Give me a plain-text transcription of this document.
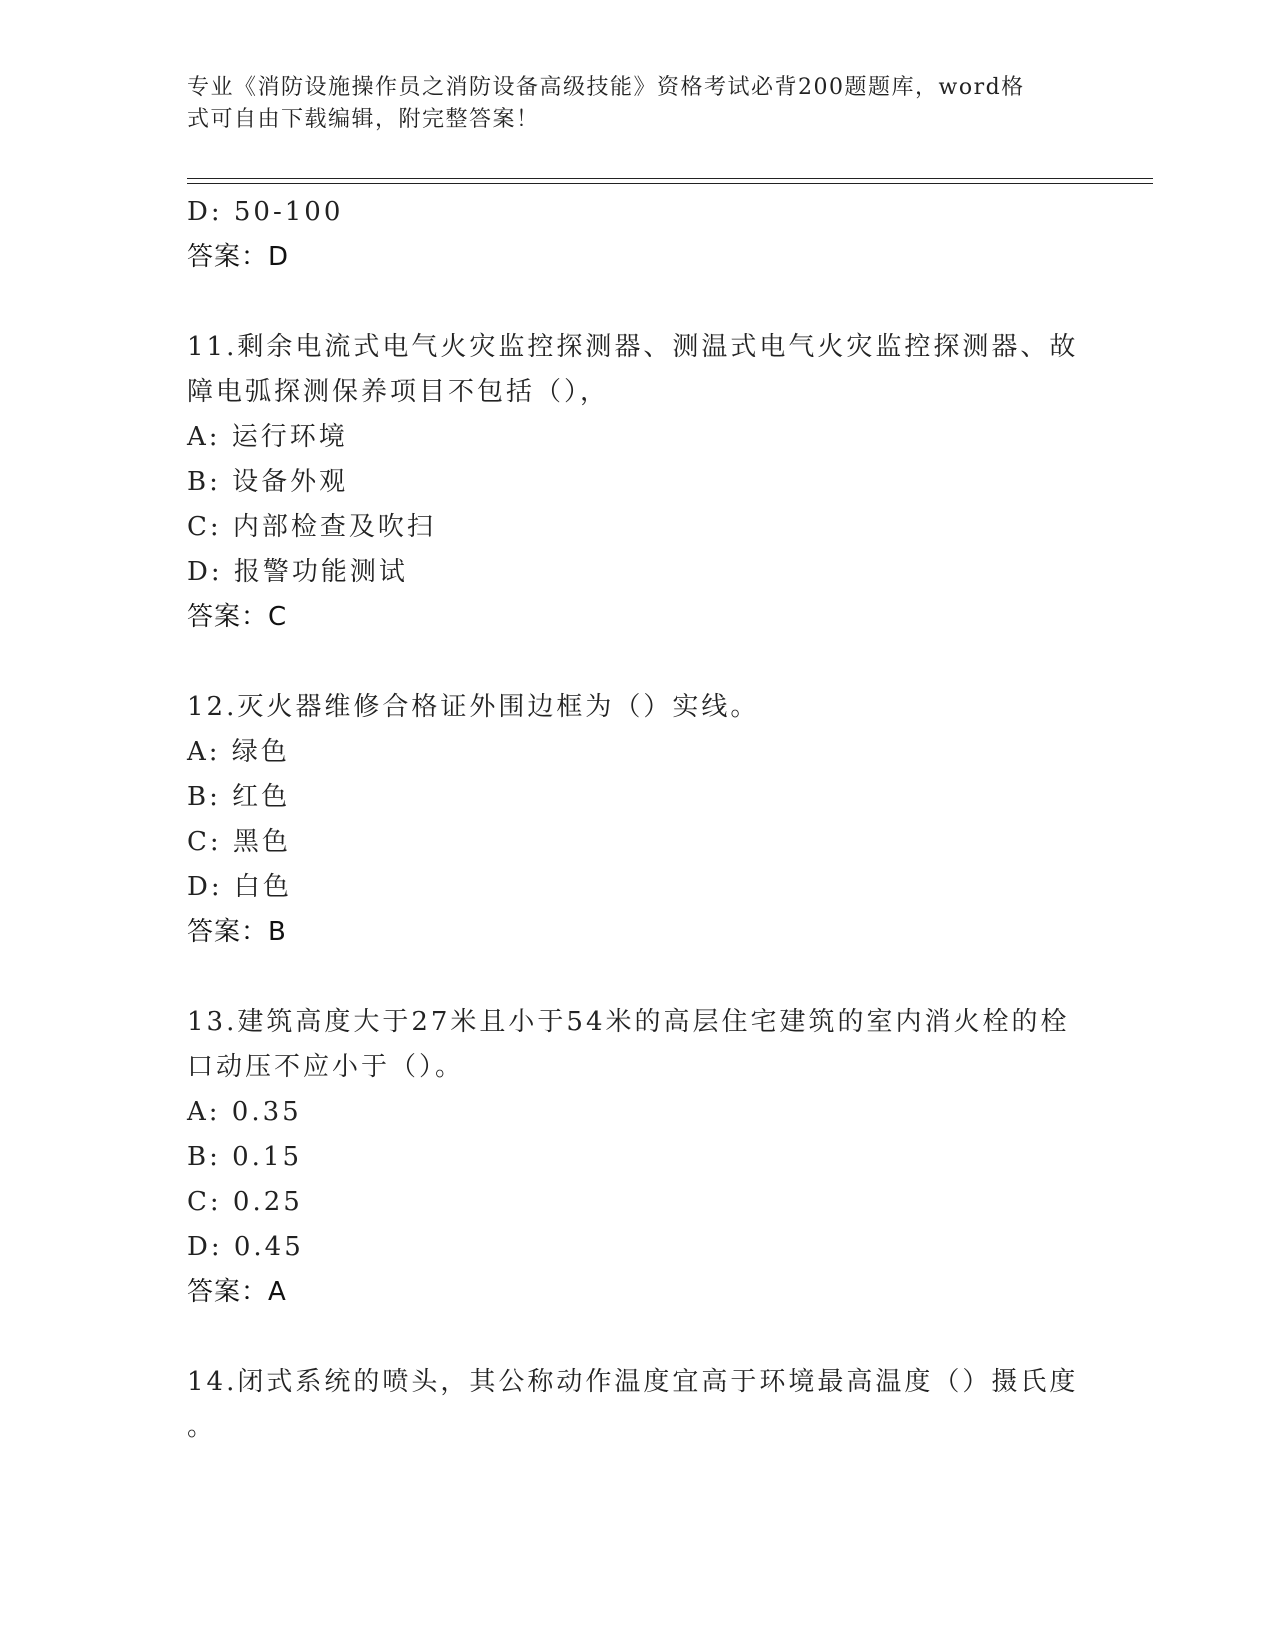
专业《消防设施操作员之消防设备高级技能》资格考试必背200题题库，word格
式可自由下载编辑，附完整答案！
D: 50-100
答案：D
11.剩余电流式电气火灾监控探测器、测温式电气火灾监控探测器、故
障电弧探测保养项目不包括（），
A: 运行环境
B: 设备外观
C: 内部检查及吹扫
D: 报警功能测试
答案：C
12.灭火器维修合格证外围边框为（）实线。
A: 绿色
B: 红色
C: 黑色
D: 白色
答案：B
13.建筑高度大于27米且小于54米的高层住宅建筑的室内消火栓的栓
口动压不应小于（）。
A: 0.35
B: 0.15
C: 0.25
D: 0.45
答案：A
14.闭式系统的喷头，其公称动作温度宜高于环境最高温度（）摄氏度
。
